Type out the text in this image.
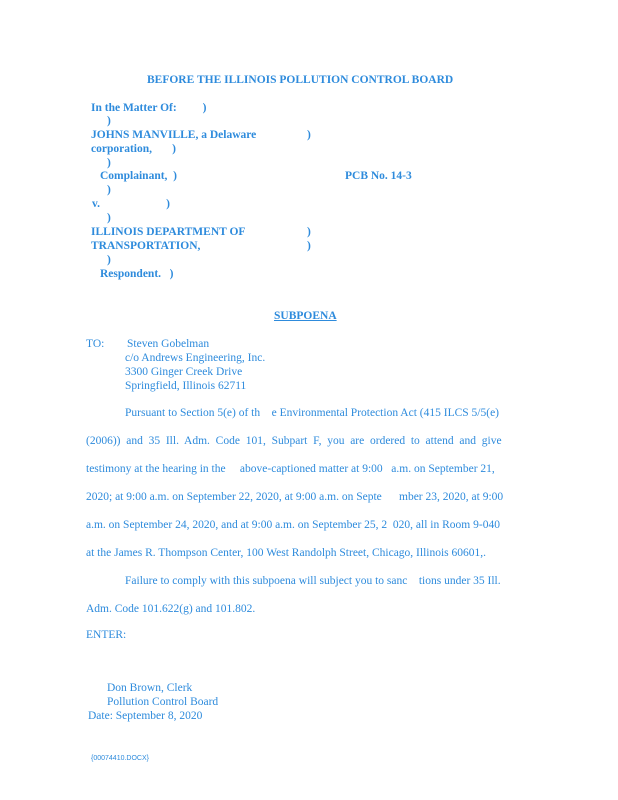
BEFORE THE ILLINOIS POLLUTION CONTROL BOARD
In the Matter Of:         )
)
JOHNS MANVILLE, a Delaware	)
corporation,       )
)
Complainant,  )	PCB No. 14-3
)
v.                       )
)
ILLINOIS DEPARTMENT OF	)
TRANSPORTATION,	)
)
Respondent.   )
SUBPOENA
TO: Steven Gobelman
c/o Andrews Engineering, Inc.
3300 Ginger Creek Drive
Springfield, Illinois 62711
Pursuant to Section 5(e) of th    e Environmental Protection Act (415 ILCS 5/5(e)
(2006))  and  35  Ill.  Adm.  Code  101,  Subpart  F,  you  are  ordered  to  attend  and  give
testimony at the hearing in the     above-captioned matter at 9:00   a.m. on September 21,
2020; at 9:00 a.m. on September 22, 2020, at 9:00 a.m. on Septe      mber 23, 2020, at 9:00
a.m. on September 24, 2020, and at 9:00 a.m. on September 25, 2  020, all in Room 9-040
at the James R. Thompson Center, 100 West Randolph Street, Chicago, Illinois 60601,.
Failure to comply with this subpoena will subject you to sanc    tions under 35 Ill.
Adm. Code 101.622(g) and 101.802.
ENTER:
Don Brown, Clerk
Pollution Control Board
Date: September 8, 2020
{00074410.DOCX}
